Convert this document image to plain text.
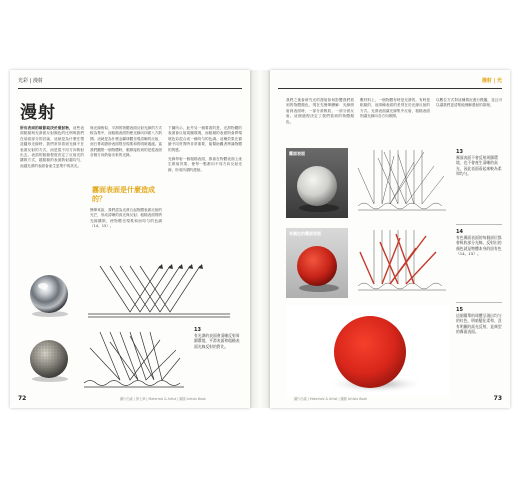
光彩 | 漫射
漫射
所有表面的暗影取決於照射物，這些表面粗糙與光滑面反射顏色的比例與我們在前面部分的討論，這就是為什麼在塑造圓形光線時，我們常常看到光線不在表面反射的方式，而是從不同方向散射出去。表面的粗糙程度決定了反射光的擴散方式，越粗糙的表面散射越均勻，而越光滑的表面會產生更集中的高光。
與光線相似，平滑的物體表面反射光線的方式較為集中，而粗糙表面則使光線向四面八方散開。這就是為什麼金屬球體呈現清晰的反射，而石膏或磨砂表面則呈現柔和的明暗過渡。當我們觀察一個物體時，眼睛接收到的是從表面各個方向散射出來的光線。
霧面表面是什麼造成的？
簡單來說，我們認為光滑凸起物體表面反射的光芒，形成清晰的高光與反射；粗糙表面則將光線擴散，使物體呈現柔和而均勻的色調（14、15）。
下圖所示，此外另一個要看的是，光滑物體的表面會反射周圍環境，而粗糙的表面則會將環境色彩混合成一種均勻的色調。這種效果在描繪不同材質時非常重要，能幫助觀者辨識物體的質感。
光線每射一個粗糙表面，都會在物體表面上產生散射效果，使每一點都向不同方向反射光線，形成所謂的漫射。
13
有光澤的表面會清晰反射周圍環境，平滑表面和粗糙表面光線反射的對比。
72	圖片出處 | 第七章 | Materials & Artist | 圖版 Artists Book
漫射 | 光
我們之後會研究光的漫射如何影響我們看到的物體顏色，現在先簡單瞭解：光線照射到表面時，一部分被吸收，一部分被反射。這個過程決定了我們看到的物體顏色。
數材料上，一個物體有時是光滑的，有時是粗糙的，這兩種表面的差別在於光線反射的方式。光滑表面讓光線集中反射，粗糙表面則讓光線向各方向散開。
以數位方式對這種情況進行模擬，並且可以讓我們更清楚地理解漫射的原理。
霧面表面
有顏色的霧面表面
13
霧面表面不會反射周圍環境，也不會產生清晰的高光，因此表面看起來較為柔和均勻。
14
有色霧面表面的每個部位都會吸收部分光線，反射出的顏色就是物體本身的固有色（14、15）。
15
這個簡單的球體呈現出均勻的紅色，明暗變化柔和，沒有明顯的高光反射，是典型的霧面表面。
73
圖片出處 | Materials & Artist | 圖版 Artists Book
